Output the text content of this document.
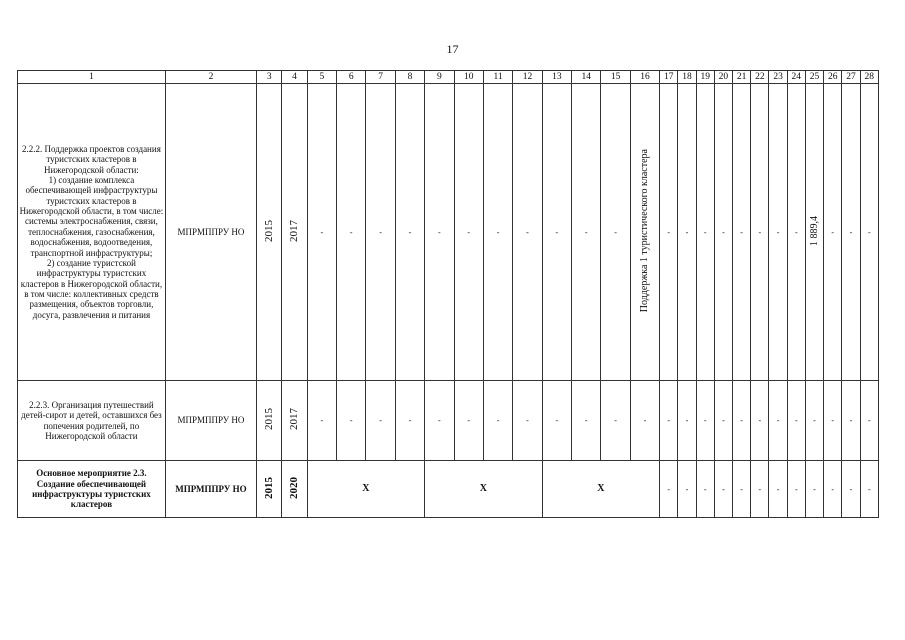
17
1	2	3	4	5	6	7	8	9	10	11	12	13	14	15	16	17	18	19	20	21	22	23	24	25	26	27	28
2.2.2. Поддержка проектов создания туристских кластеров в Нижегородской области:
1) создание комплекса обеспечивающей инфраструктуры туристских кластеров в Нижегородской области, в том числе: системы электроснабжения, связи, теплоснабжения, газоснабжения, водоснабжения, водоотведения, транспортной инфраструктуры;
2) создание туристской инфраструктуры туристских кластеров в Нижегородской области, в том числе: коллективных средств размещения, объектов торговли, досуга, развлечения и питания	МПРМППРУ НО	2015	2017	-	-	-	-	-	-	-	-	-	-	-	Поддержка 1 туристического кластера	-	-	-	-	-	-	-	-	1 889,4	-	-	-
2.2.3. Организация путешествий детей-сирот и детей, оставшихся без попечения родителей, по Нижегородской области	МПРМППРУ НО	2015	2017	-	-	-	-	-	-	-	-	-	-	-	-	-	-	-	-	-	-	-	-	-	-	-	-
Основное мероприятие 2.3. Создание обеспечивающей инфраструктуры туристских кластеров	МПРМППРУ НО	2015	2020	X				X				X				-	-	-	-	-	-	-	-	-	-	-	-
